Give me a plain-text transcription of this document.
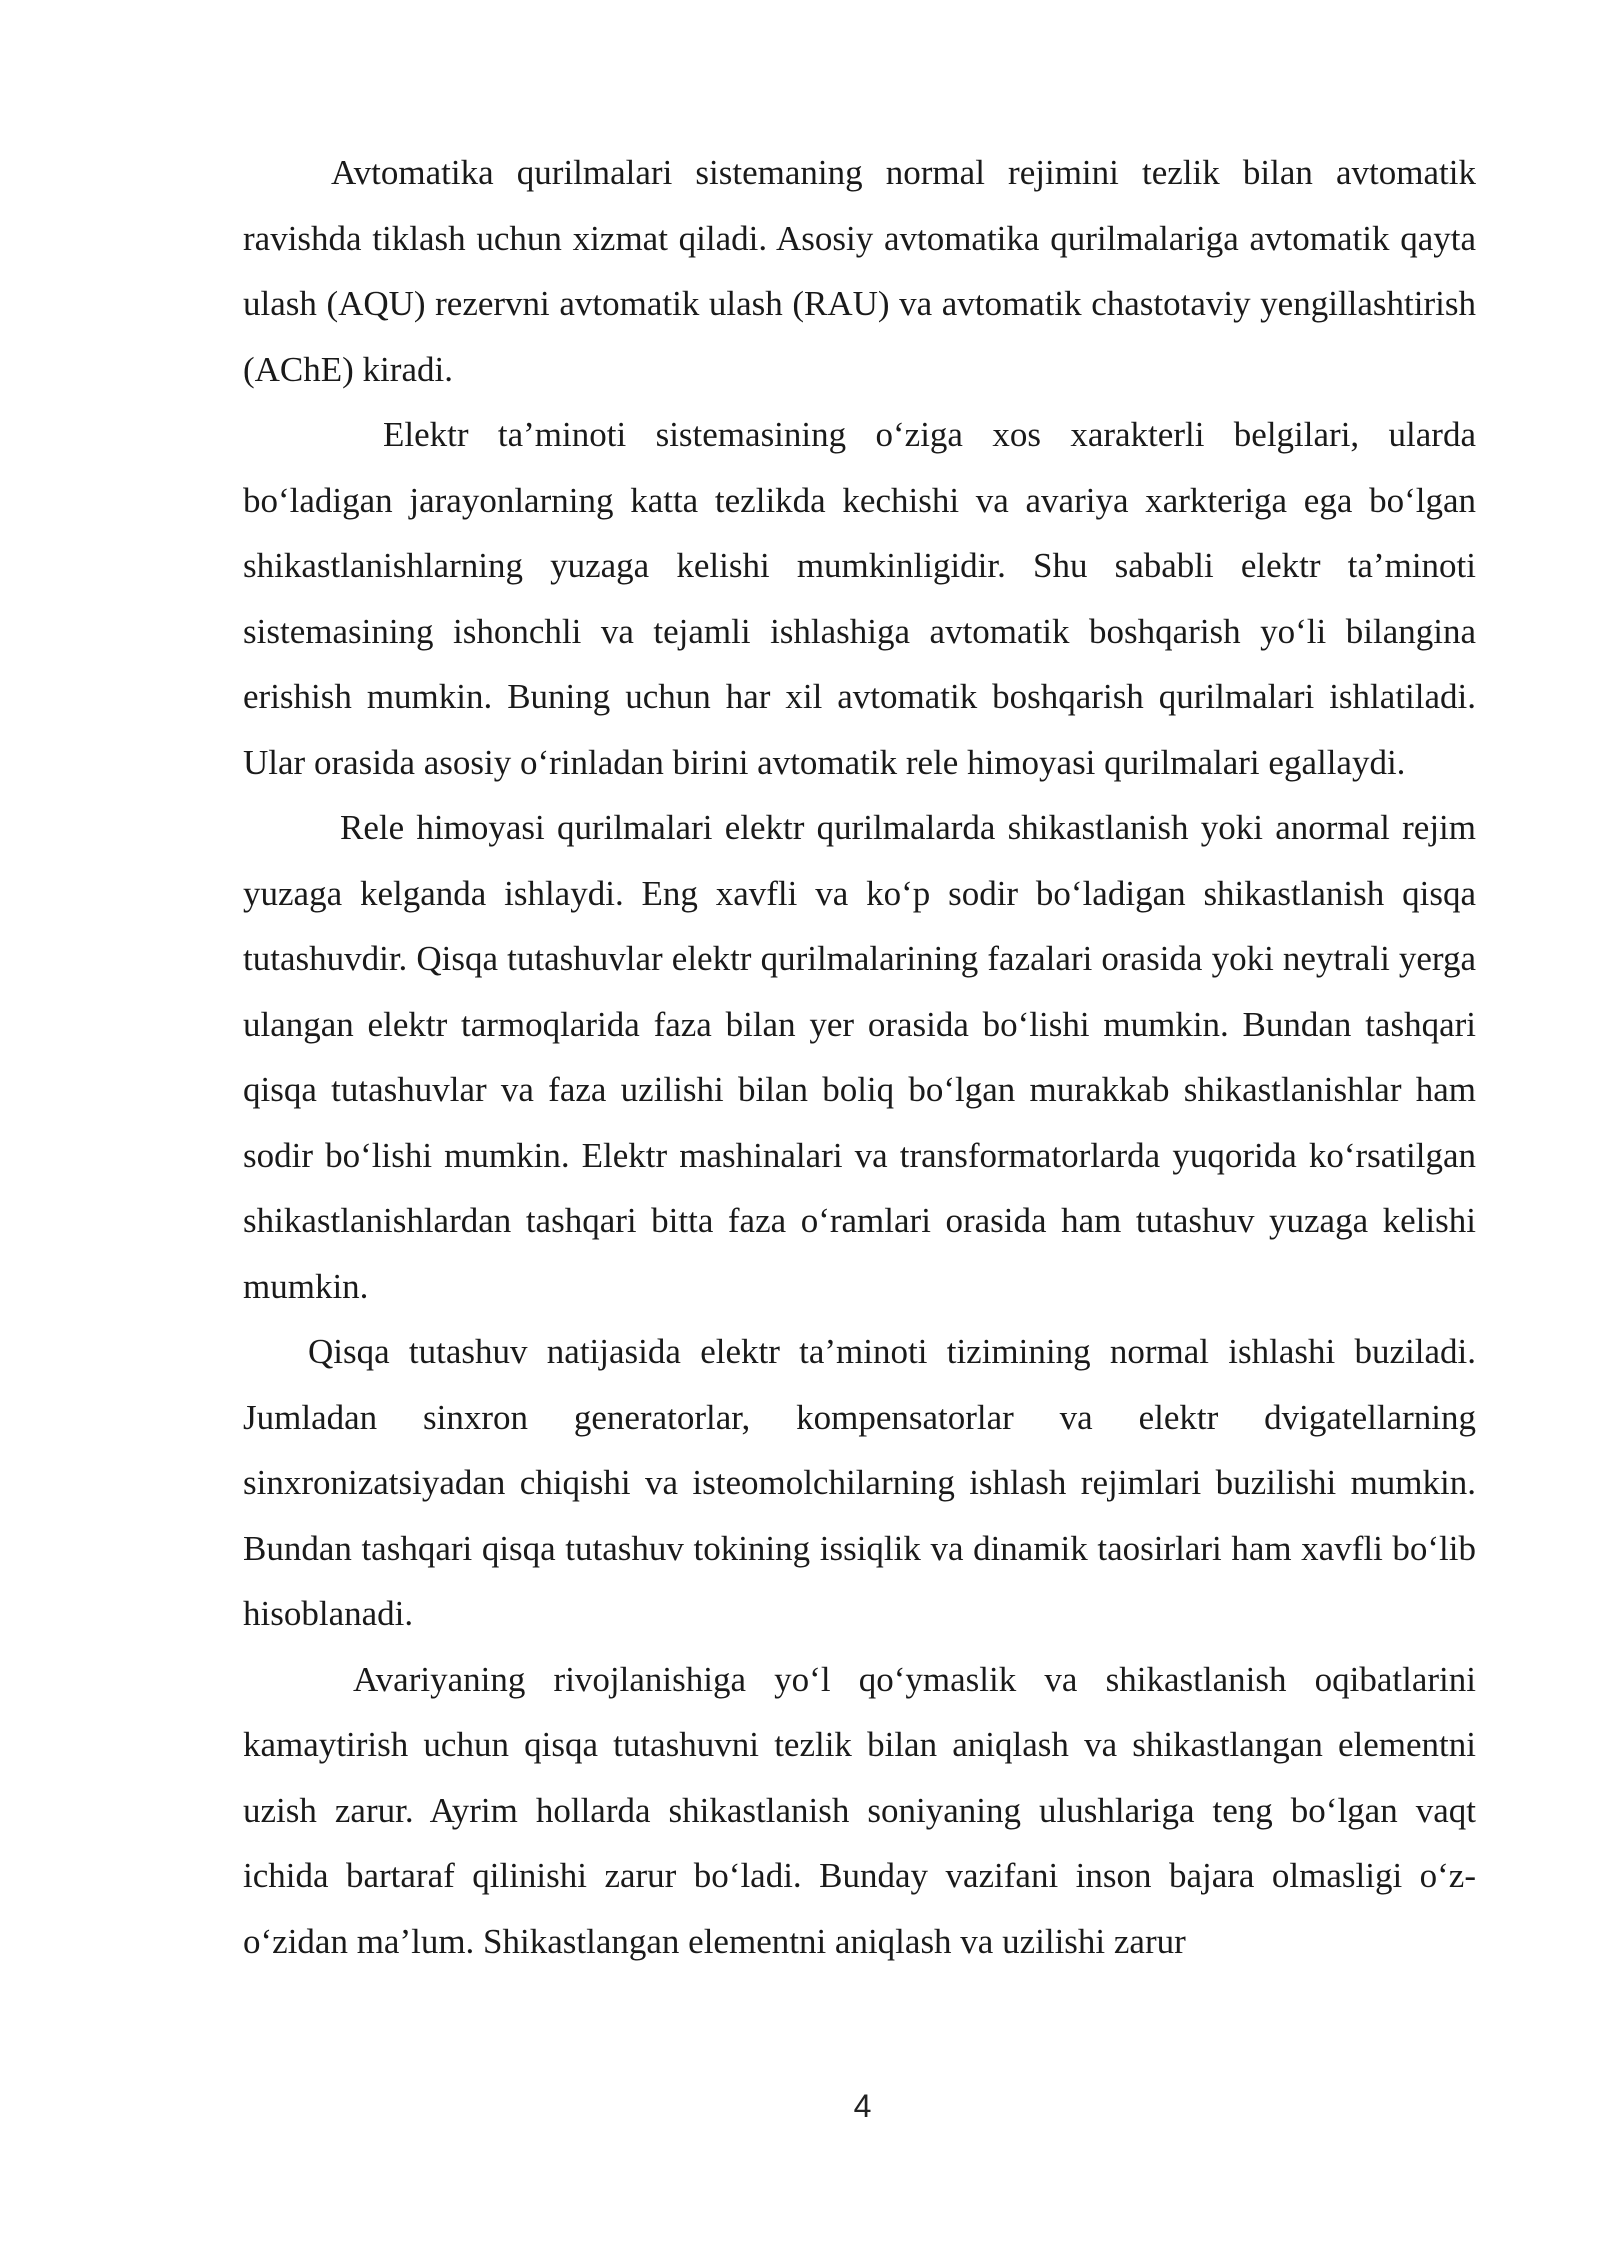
Avtomatika qurilmalari sistemaning normal rejimini tezlik bilan avtomatik ravishda tiklash uchun xizmat qiladi. Asosiy avtomatika qurilmalariga avtomatik qayta ulash (AQU) rezervni avtomatik ulash (RAU) va avtomatik chastotaviy yengillashtirish (AChE) kiradi.

Elektr ta’minoti sistemasining o‘ziga xos xarakterli belgilari, ularda bo‘ladigan jarayonlarning katta tezlikda kechishi va avariya xarkteriga ega bo‘lgan shikastlanishlarning yuzaga kelishi mumkinligidir. Shu sababli elektr ta’minoti sistemasining ishonchli va tejamli ishlashiga avtomatik boshqarish yo‘li bilangina erishish mumkin. Buning uchun har xil avtomatik boshqarish qurilmalari ishlatiladi. Ular orasida asosiy o‘rinladan birini avtomatik rele himoyasi qurilmalari egallaydi.

Rele himoyasi qurilmalari elektr qurilmalarda shikastlanish yoki anormal rejim yuzaga kelganda ishlaydi. Eng xavfli va ko‘p sodir bo‘ladigan shikastlanish qisqa tutashuvdir. Qisqa tutashuvlar elektr qurilmalarining fazalari orasida yoki neytrali yerga ulangan elektr tarmoqlarida faza bilan yer orasida bo‘lishi mumkin. Bundan tashqari qisqa tutashuvlar va faza uzilishi bilan boliq bo‘lgan murakkab shikastlanishlar ham sodir bo‘lishi mumkin. Elektr mashinalari va transformatorlarda yuqorida ko‘rsatilgan shikastlanishlardan tashqari bitta faza o‘ramlari orasida ham tutashuv yuzaga kelishi mumkin.

Qisqa tutashuv natijasida elektr ta’minoti tizimining normal ishlashi buziladi. Jumladan sinxron generatorlar, kompensatorlar va elektr dvigatellarning sinxronizatsiyadan chiqishi va isteomolchilarning ishlash rejimlari buzilishi mumkin. Bundan tashqari qisqa tutashuv tokining issiqlik va dinamik taosirlari ham xavfli bo‘lib hisoblanadi.

Avariyaning rivojlanishiga yo‘l qo‘ymaslik va shikastlanish oqibatlarini kamaytirish uchun qisqa tutashuvni tezlik bilan aniqlash va shikastlangan elementni uzish zarur. Ayrim hollarda shikastlanish soniyaning ulushlariga teng bo‘lgan vaqt ichida bartaraf qilinishi zarur bo‘ladi. Bunday vazifani inson bajara olmasligi o‘z-o‘zidan ma’lum. Shikastlangan elementni aniqlash va uzilishi zarur

4
